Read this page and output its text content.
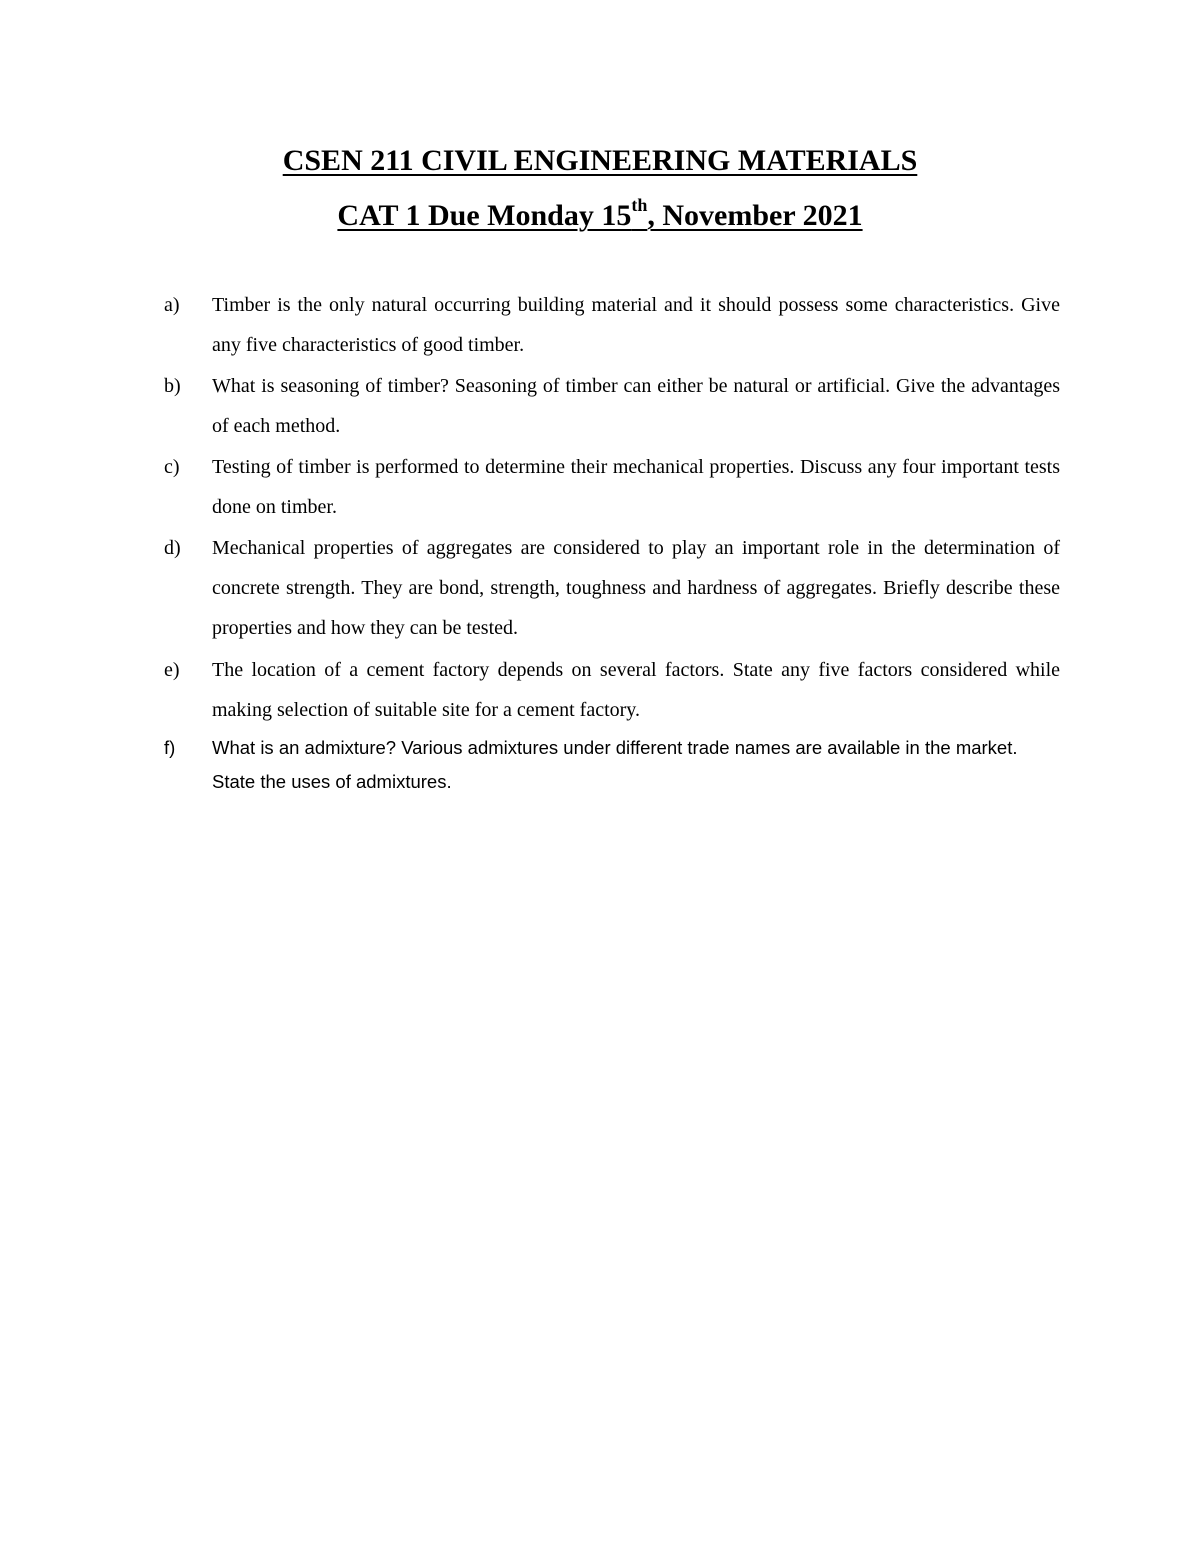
CSEN 211 CIVIL ENGINEERING MATERIALS
CAT 1 Due Monday 15th, November 2021
a)	Timber is the only natural occurring building material and it should possess some characteristics. Give any five characteristics of good timber.

b)	What is seasoning of timber? Seasoning of timber can either be natural or artificial. Give the advantages of each method.

c)	Testing of timber is performed to determine their mechanical properties. Discuss any four important tests done on timber.

d)	Mechanical properties of aggregates are considered to play an important role in the determination of concrete strength. They are bond, strength, toughness and hardness of aggregates. Briefly describe these properties and how they can be tested.

e)	The location of a cement factory depends on several factors. State any five factors considered while making selection of suitable site for a cement factory.

f)	What is an admixture? Various admixtures under different trade names are available in the market. State the uses of admixtures.
